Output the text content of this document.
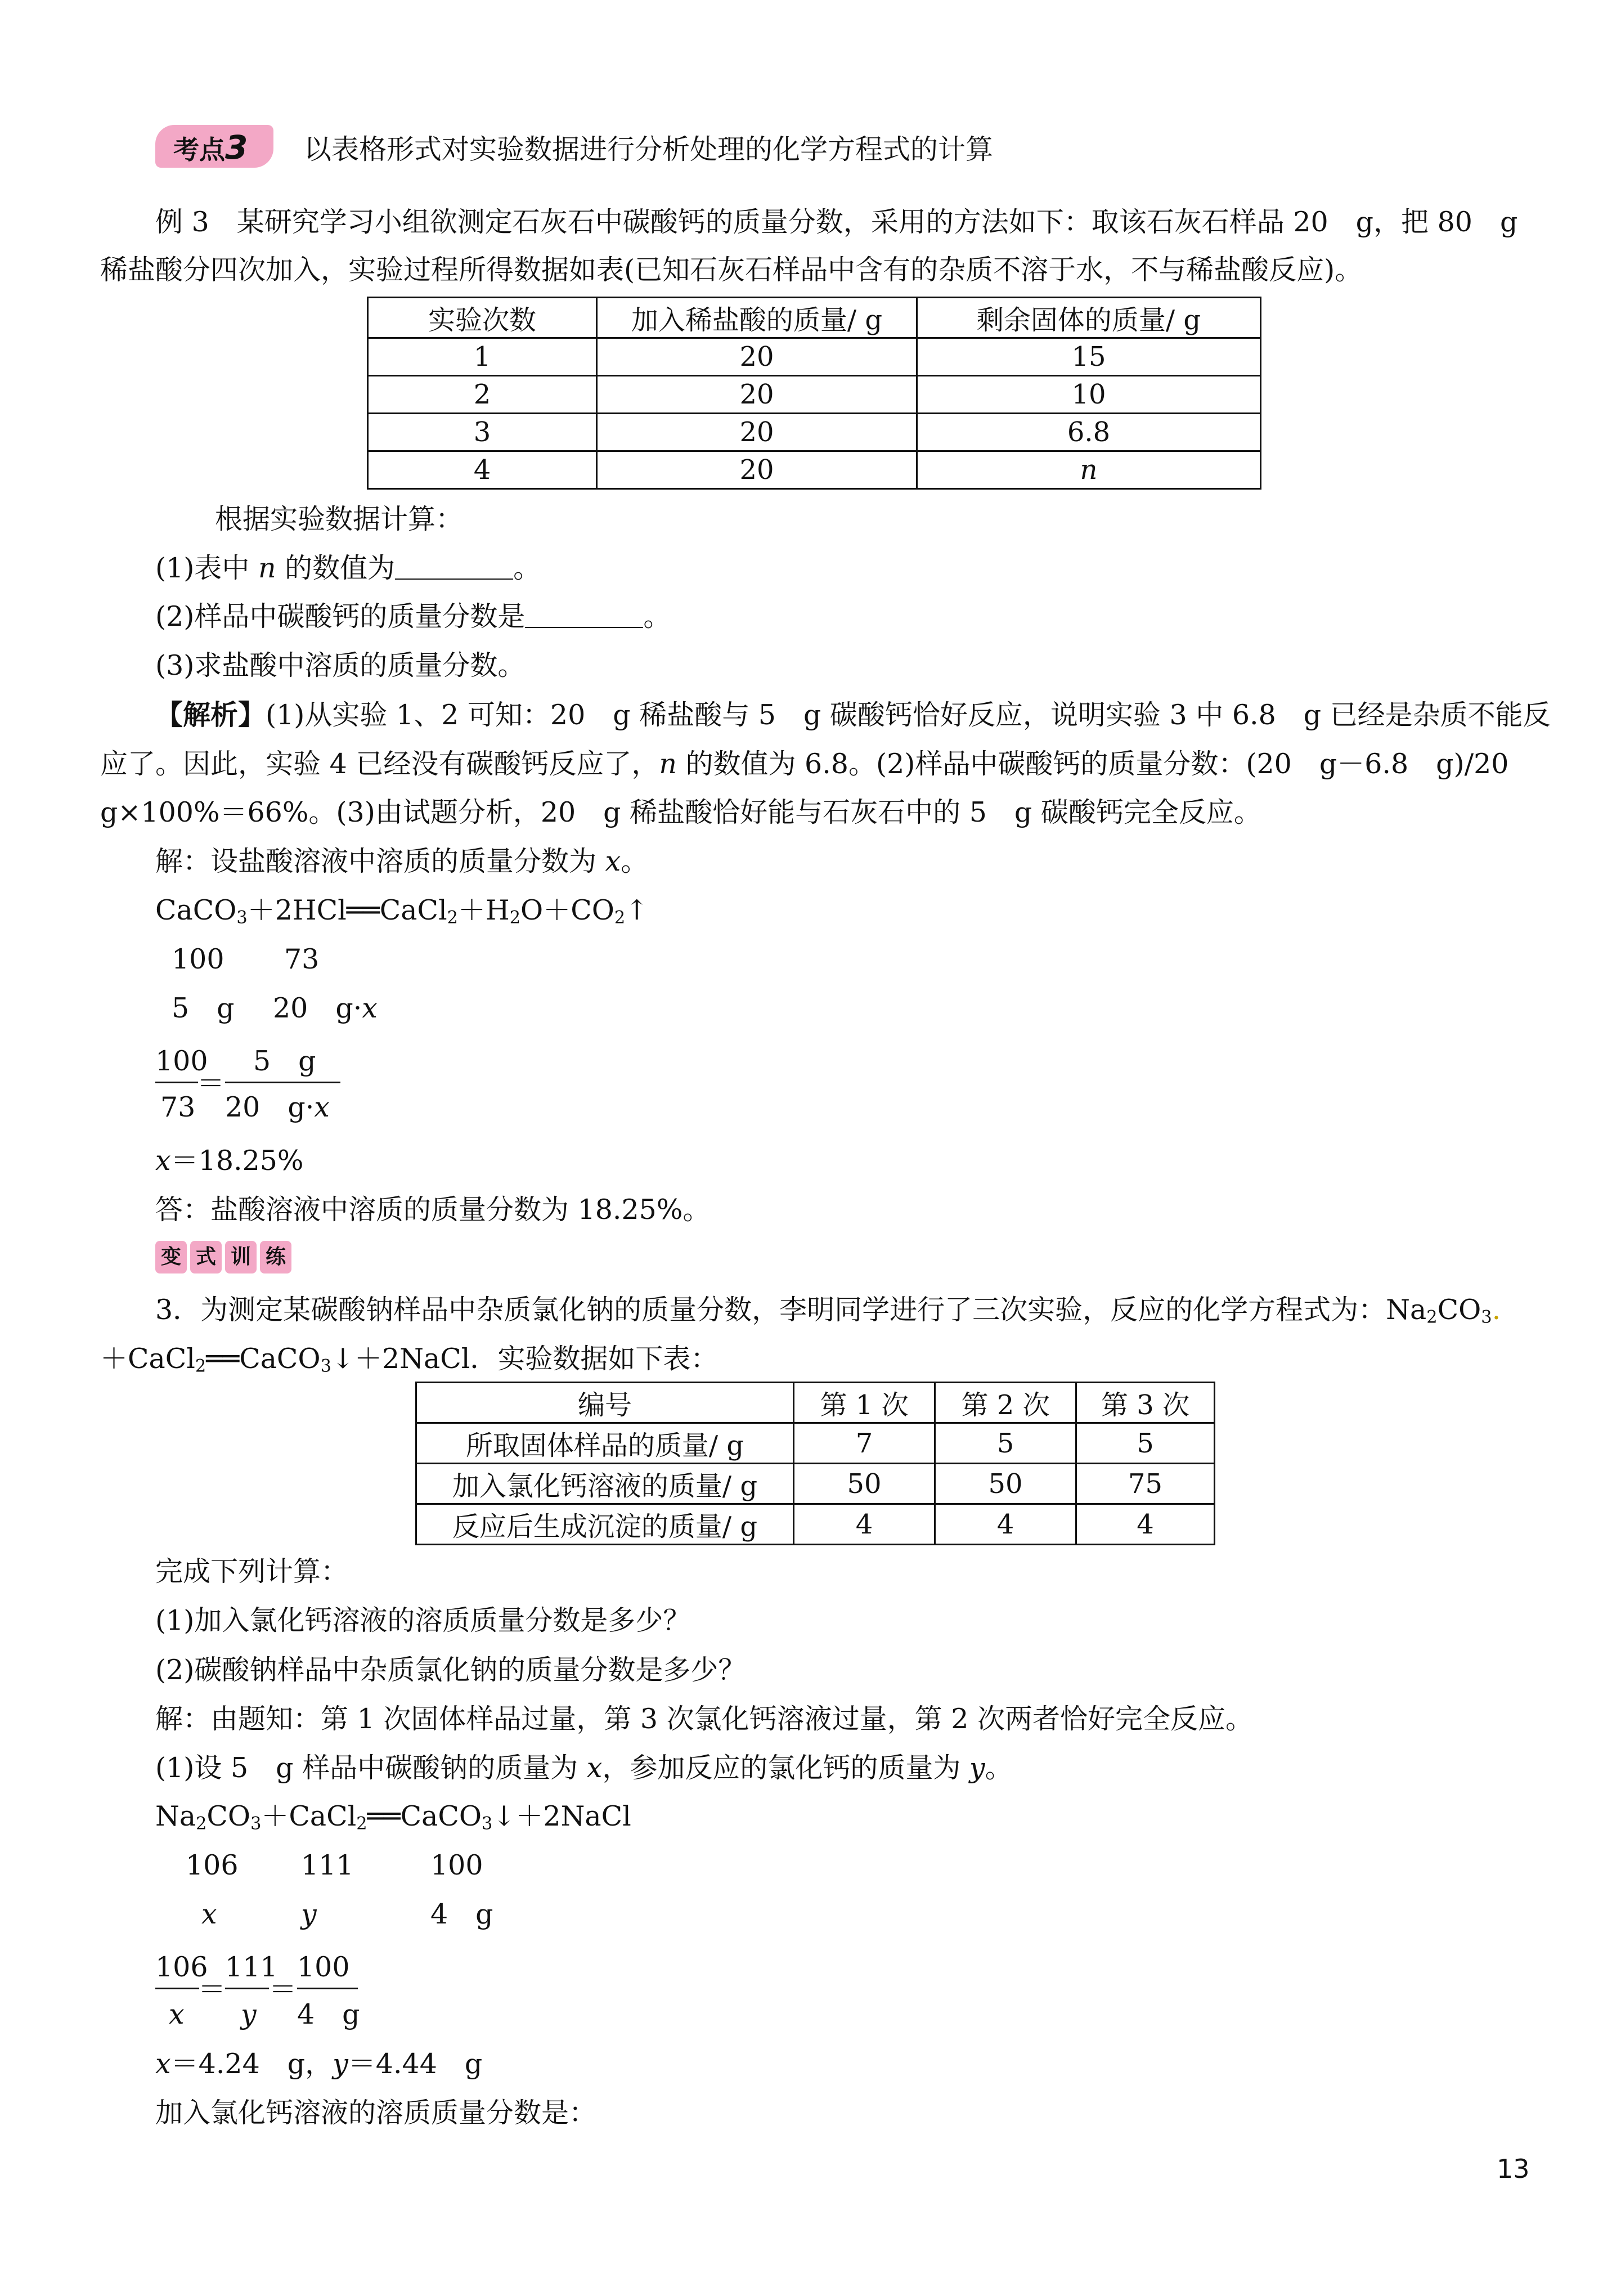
考点3 以表格形式对实验数据进行分析处理的化学方程式的计算
例 3　某研究学习小组欲测定石灰石中碳酸钙的质量分数，采用的方法如下：取该石灰石样品 20　g，把 80　g
稀盐酸分四次加入，实验过程所得数据如表(已知石灰石样品中含有的杂质不溶于水，不与稀盐酸反应)。
实验次数	加入稀盐酸的质量/ g	剩余固体的质量/ g
1	20	15
2	20	10
3	20	6.8
4	20	n
根据实验数据计算：
(1)表中 n 的数值为	。
(2)样品中碳酸钙的质量分数是	。
(3)求盐酸中溶质的质量分数。
【解析】(1)从实验 1、2 可知：20　g 稀盐酸与 5　g 碳酸钙恰好反应，说明实验 3 中 6.8　g 已经是杂质不能反
应了。因此，实验 4 已经没有碳酸钙反应了，n 的数值为 6.8。(2)样品中碳酸钙的质量分数：(20　g－6.8　g)/20
g×100%＝66%。(3)由试题分析，20　g 稀盐酸恰好能与石灰石中的 5　g 碳酸钙完全反应。
解：设盐酸溶液中溶质的质量分数为 x。
$CaCO_3+2HCl══CaCl_2+H_2O+CO_2↑$
100 73
5　g 20　g·x
100
73
＝
5　g
20　g·x
x＝18.25%
答：盐酸溶液中溶质的质量分数为 18.25%。
变 式 训 练
3．为测定某碳酸钠样品中杂质氯化钠的质量分数，李明同学进行了三次实验，反应的化学方程式为：$Na_2CO_3$.
＋CaCl$_2$══CaCO$_3$↓＋2NaCl．实验数据如下表：
编号	第 1 次	第 2 次	第 3 次
所取固体样品的质量/ g	7	5	5
加入氯化钙溶液的质量/ g	50	50	75
反应后生成沉淀的质量/ g	4	4	4
完成下列计算：
(1)加入氯化钙溶液的溶质质量分数是多少？
(2)碳酸钠样品中杂质氯化钠的质量分数是多少？
解：由题知：第 1 次固体样品过量，第 3 次氯化钙溶液过量，第 2 次两者恰好完全反应。
(1)设 5　g 样品中碳酸钠的质量为 x，参加反应的氯化钙的质量为 y。
$Na_2CO_3+CaCl_2══CaCO_3↓+2NaCl$
106 111	100
x	y	4　g
106
x
＝
111
y
＝
100
4　g
x＝4.24　g，y＝4.44　g
加入氯化钙溶液的溶质质量分数是：
13
